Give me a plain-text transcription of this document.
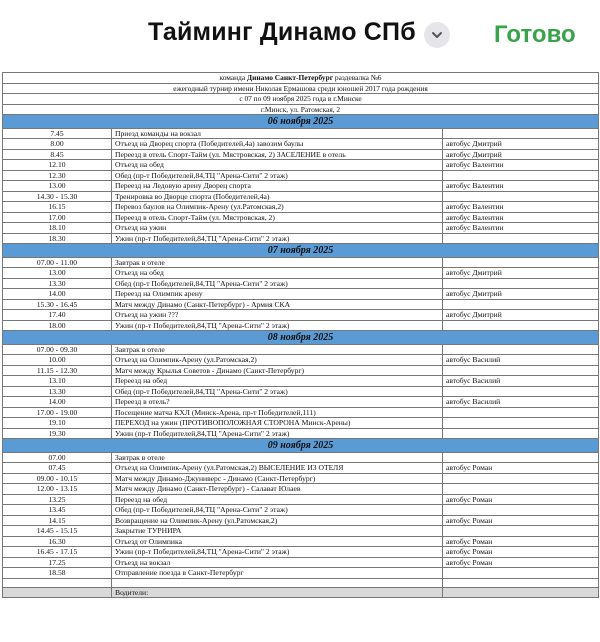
Тайминг Динамо СПб	Готово
команда Динамо Санкт-Петербург раздевалка №6		
ежегодный турнир имени Николая Ермашова среди юношей 2017 года рождения		
с 07 по 09 ноября 2025 года в г.Минске		
г.Минск, ул. Ратомская, 2		
06 ноября 2025		
7.45	Приезд команды на вокзал	
8.00	Отъезд на Дворец спорта (Победителей,4а) завозим баулы	автобус Дмитрий
8.45	Переезд в отель Спорт-Тайм (ул. Мястровская, 2) ЗАСЕЛЕНИЕ в отель	автобус Дмитрий
12.10	Отъезд на обед	автобус Валентин
12.30	Обед (пр-т Победителей,84,ТЦ "Арена-Сити" 2 этаж)	
13.00	Переезд на Ледовую арену Дворец спорта	автобус Валентин
14.30 - 15.30	Тренировка во Дворце спорта (Победителей,4а)	
16.15	Перевоз баулов на Олимпик-Арену (ул.Ратомская,2)	автобус Валентин
17.00	Переезд в отель Спорт-Тайм (ул. Мястровская, 2)	автобус Валентин
18.10	Отъезд на ужин	автобус Валентин
18.30	Ужин (пр-т Победителей,84,ТЦ "Арена-Сити" 2 этаж)	
07 ноября 2025		
07.00 - 11.00	Завтрак в отеле	
13.00	Отъезд на обед	автобус Дмитрий
13.30	Обед (пр-т Победителей,84,ТЦ "Арена-Сити" 2 этаж)	
14.00	Переезд на Олимпик арену	автобус Дмитрий
15.30 - 16.45	Матч между Динамо (Санкт-Петербург) - Армия СКА	
17.40	Отъезд на ужин ???	автобус Дмитрий
18.00	Ужин (пр-т Победителей,84,ТЦ "Арена-Сити" 2 этаж)	
08 ноября 2025		
07.00 - 09.30	Завтрак в отеле	
10.00	Отъезд на Олимпик-Арену (ул.Ратомская,2)	автобус Василий
11.15 - 12.30	Матч между Крылья Советов - Динамо (Санкт-Петербург)	
13.10	Переезд на обед	автобус Василий
13.30	Обед (пр-т Победителей,84,ТЦ "Арена-Сити" 2 этаж)	
14.00	Переезд в отель?	автобус Василий
17.00 - 19.00	Посещение матча КХЛ (Минск-Арена, пр-т Победителей,111)	
19.10	ПЕРЕХОД на ужин (ПРОТИВОПОЛОЖНАЯ СТОРОНА Минск-Арены)	
19.30	Ужин (пр-т Победителей,84,ТЦ "Арена-Сити" 2 этаж)	
09 ноября 2025		
07.00	Завтрак в отеле	
07.45	Отъезд на Олимпик-Арену (ул.Ратомская,2) ВЫСЕЛЕНИЕ ИЗ ОТЕЛЯ	автобус Роман
09.00 - 10.15	Матч между Динамо-Джуниверс - Динамо (Санкт-Петербург)	
12.00 - 13.15	Матч между Динамо (Санкт-Петербург) - Салават Юлаев	
13.25	Переезд на обед	автобус Роман
13.45	Обед (пр-т Победителей,84,ТЦ "Арена-Сити" 2 этаж)	
14.15	Возвращение на Олимпик-Арену (ул.Ратомская,2)	автобус Роман
14.45 - 15.15	Закрытие ТУРНИРА	
16.30	Отъезд от Олимпика	автобус Роман
16.45 - 17.15	Ужин (пр-т Победителей,84,ТЦ "Арена-Сити" 2 этаж)	автобус Роман
17.25	Отъезд на вокзал	автобус Роман
18.58	Отправление поезда в Санкт-Петербург	

	Водители:	
